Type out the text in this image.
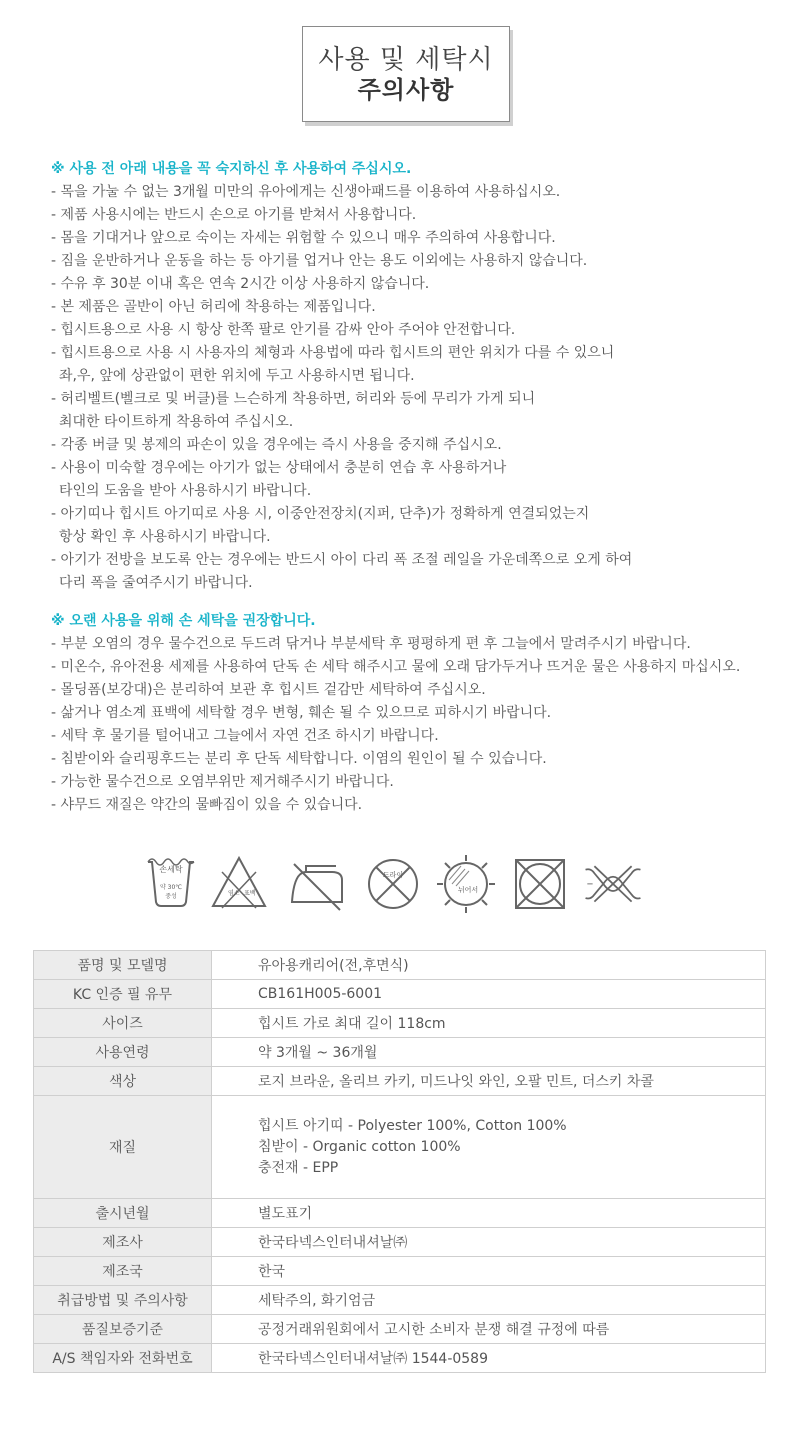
사용 및 세탁시
주의사항
※ 사용 전 아래 내용을 꼭 숙지하신 후 사용하여 주십시오.
- 목을 가눌 수 없는 3개월 미만의 유아에게는 신생아패드를 이용하여 사용하십시오.
- 제품 사용시에는 반드시 손으로 아기를 받쳐서 사용합니다.
- 몸을 기대거나 앞으로 숙이는 자세는 위험할 수 있으니 매우 주의하여 사용합니다.
- 짐을 운반하거나 운동을 하는 등 아기를 업거나 안는 용도 이외에는 사용하지 않습니다.
- 수유 후 30분 이내 혹은 연속 2시간 이상 사용하지 않습니다.
- 본 제품은 골반이 아닌 허리에 착용하는 제품입니다.
- 힙시트용으로 사용 시 항상 한쪽 팔로 안기를 감싸 안아 주어야 안전합니다.
- 힙시트용으로 사용 시 사용자의 체형과 사용법에 따라 힙시트의 편안 위치가 다를 수 있으니
좌,우, 앞에 상관없이 편한 위치에 두고 사용하시면 됩니다.
- 허리벨트(벨크로 및 버클)를 느슨하게 착용하면, 허리와 등에 무리가 가게 되니
최대한 타이트하게 착용하여 주십시오.
- 각종 버클 및 봉제의 파손이 있을 경우에는 즉시 사용을 중지해 주십시오.
- 사용이 미숙할 경우에는 아기가 없는 상태에서 충분히 연습 후 사용하거나
타인의 도움을 받아 사용하시기 바랍니다.
- 아기띠나 힙시트 아기띠로 사용 시, 이중안전장치(지퍼, 단추)가 정확하게 연결되었는지
항상 확인 후 사용하시기 바랍니다.
- 아기가 전방을 보도록 안는 경우에는 반드시 아이 다리 폭 조절 레일을 가운데쪽으로 오게 하여
다리 폭을 줄여주시기 바랍니다.
※ 오랜 사용을 위해 손 세탁을 권장합니다.
- 부분 오염의 경우 물수건으로 두드려 닦거나 부분세탁 후 평평하게 편 후 그늘에서 말려주시기 바랍니다.
- 미온수, 유아전용 세제를 사용하여 단독 손 세탁 해주시고 물에 오래 담가두거나 뜨거운 물은 사용하지 마십시오.
- 몰딩폼(보강대)은 분리하여 보관 후 힙시트 겉감만 세탁하여 주십시오.
- 삶거나 염소계 표백에 세탁할 경우 변형, 훼손 될 수 있으므로 피하시기 바랍니다.
- 세탁 후 물기를 털어내고 그늘에서 자연 건조 하시기 바랍니다.
- 침받이와 슬리핑후드는 분리 후 단독 세탁합니다. 이염의 원인이 될 수 있습니다.
- 가능한 물수건으로 오염부위만 제거해주시기 바랍니다.
- 샤무드 재질은 약간의 물빠짐이 있을 수 있습니다.
손세탁
약 30℃
중성	염소 표백
드라이
뉘어서
품명 및 모델명	유아용캐리어(전,후면식)
KC 인증 필 유무	CB161H005-6001
사이즈	힙시트 가로 최대 길이 118cm
사용연령	약 3개월 ~ 36개월
색상	로지 브라운, 올리브 카키, 미드나잇 와인, 오팔 민트, 더스키 차콜
재질	힙시트 아기띠 - Polyester 100%, Cotton 100%
침받이 - Organic cotton 100%
충전재 - EPP

출시년월	별도표기
제조사	한국타넥스인터내셔날㈜
제조국	한국
취급방법 및 주의사항	세탁주의, 화기엄금
품질보증기준	공정거래위원회에서 고시한 소비자 분쟁 해결 규정에 따름
A/S 책임자와 전화번호	한국타넥스인터내셔날㈜ 1544-0589
